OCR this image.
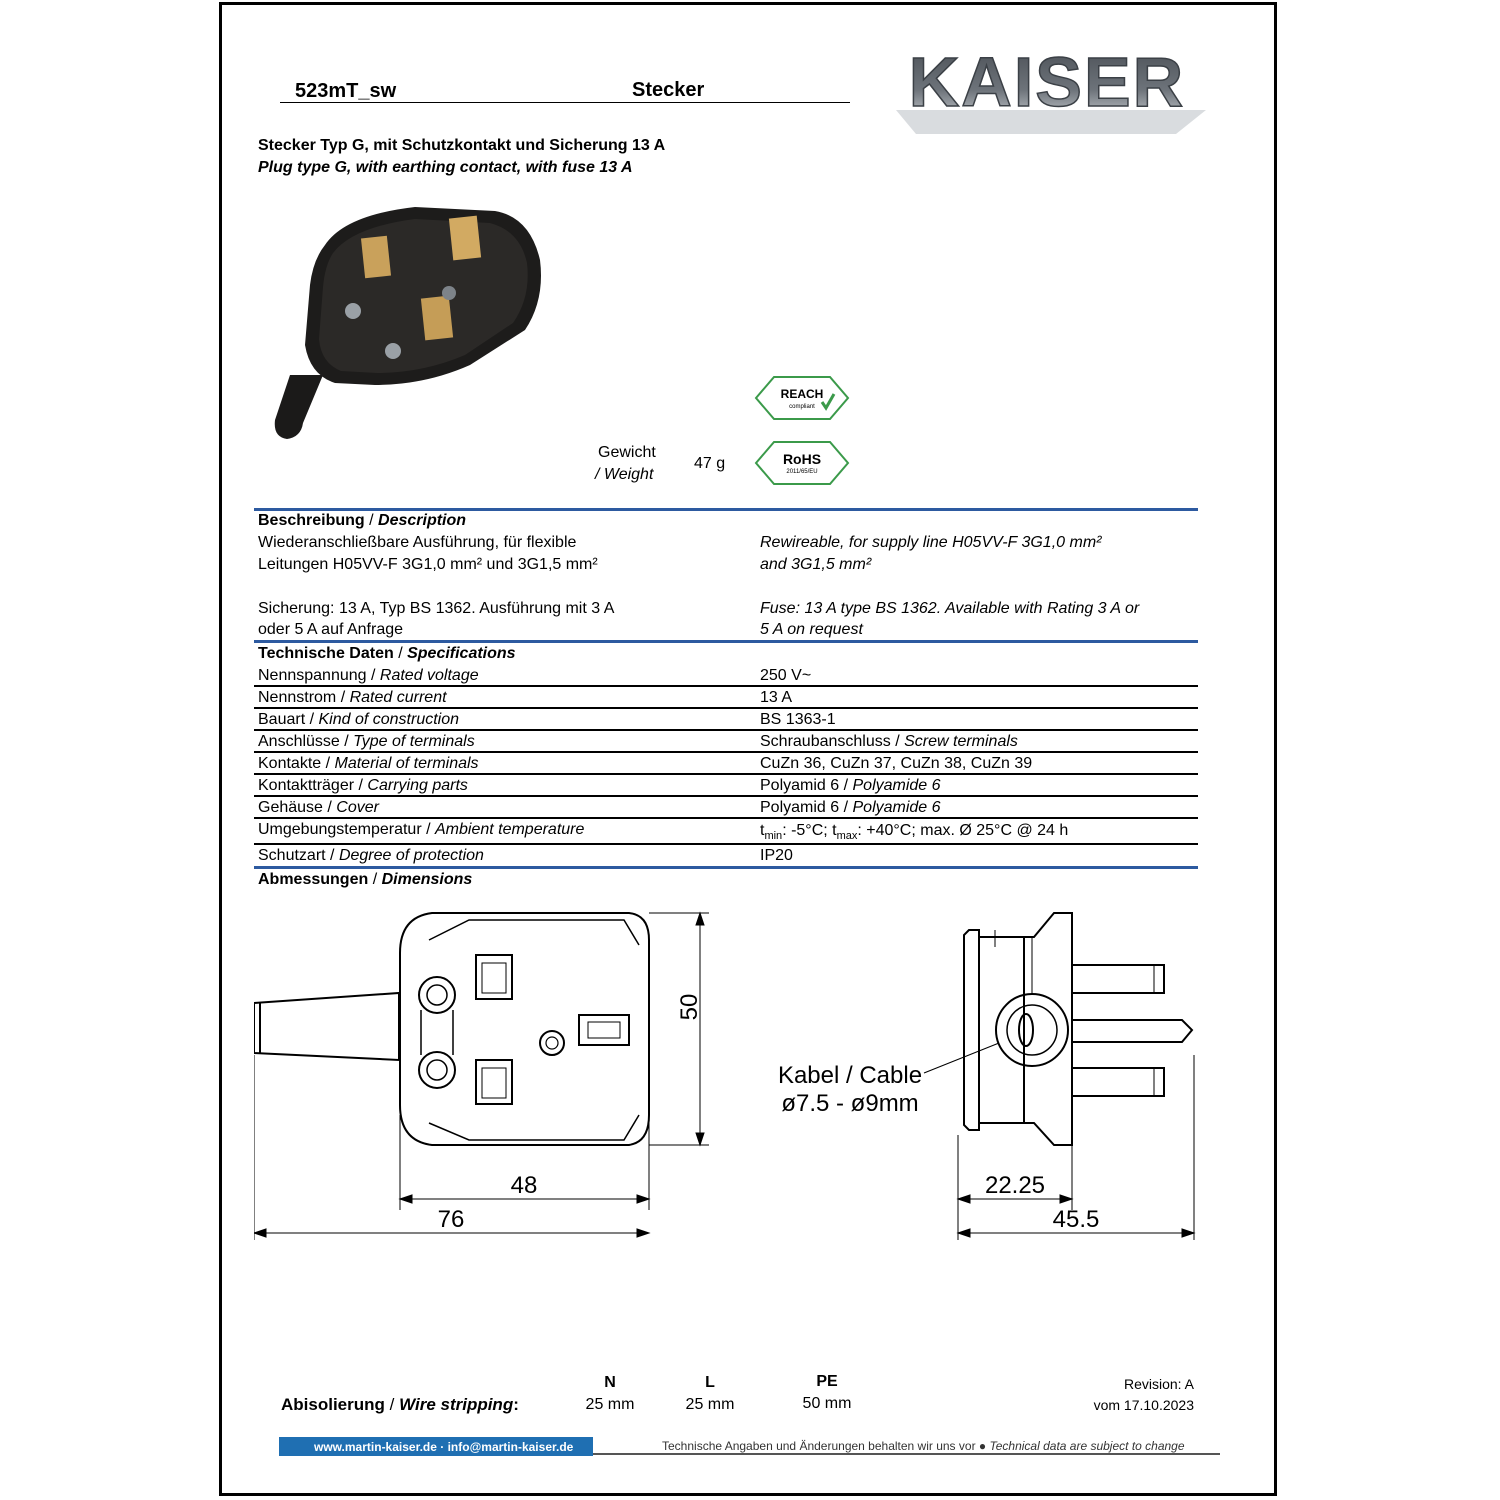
523mT_sw	Stecker	KAISER
Stecker Typ G, mit Schutzkontakt und Sicherung 13 A
Plug type G, with earthing contact, with fuse 13 A
REACH
compliant
RoHS
2011/65/EU
Gewicht
/ Weight
47 g
Beschreibung / Description
Wiederanschließbare Ausführung, für flexible
Leitungen H05VV-F 3G1,0 mm² und 3G1,5 mm²
Rewireable, for supply line H05VV-F 3G1,0 mm²
and 3G1,5 mm²
Sicherung: 13 A, Typ BS 1362. Ausführung mit 3 A
oder 5 A auf Anfrage
Fuse: 13 A type BS 1362. Available with Rating 3 A or
5 A on request
Technische Daten / Specifications
Nennspannung / Rated voltage	250 V~
Nennstrom / Rated current	13 A
Bauart / Kind of construction	BS 1363-1
Anschlüsse / Type of terminals	Schraubanschluss / Screw terminals
Kontakte / Material of terminals	CuZn 36, CuZn 37, CuZn 38, CuZn 39
Kontaktträger / Carrying parts	Polyamid 6 / Polyamide 6
Gehäuse / Cover	Polyamid 6 / Polyamide 6
Umgebungstemperatur / Ambient temperature	$t_{min}$: -5°C; $t_{max}$: +40°C; max. Ø 25°C @ 24 h
Schutzart / Degree of protection	IP20
Abmessungen / Dimensions
50
48
76
22.25
45.5
Kabel / Cable
ø7.5 - ø9mm
Abisolierung / Wire stripping:
N	L	PE
25 mm	25 mm	50 mm
Revision: A
vom 17.10.2023
www.martin-kaiser.de · info@martin-kaiser.de	Technische Angaben und Änderungen behalten wir uns vor ● Technical data are subject to change
